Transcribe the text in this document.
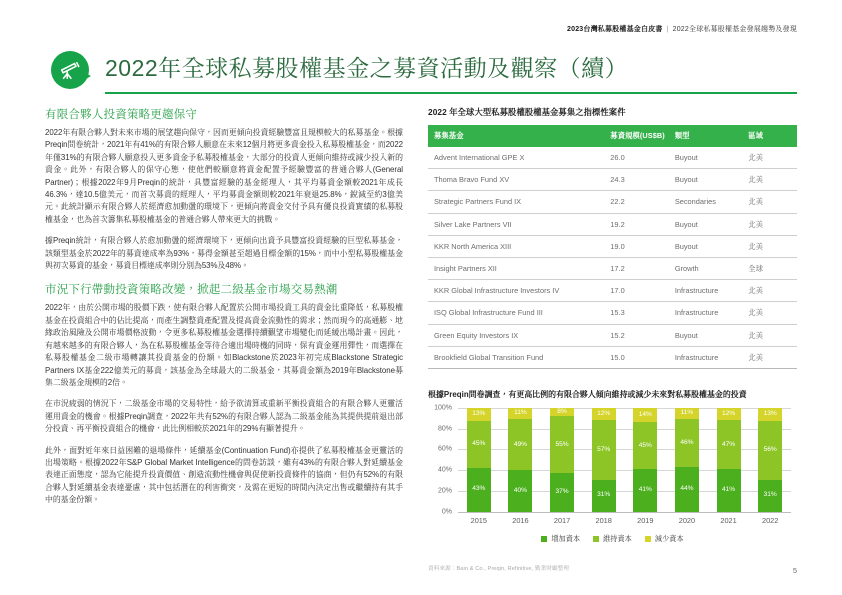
2023台灣私募股權基金白皮書 | 2022全球私募股權基金發展趨勢及發現
2022年全球私募股權基金之募資活動及觀察（續）
有限合夥人投資策略更趨保守

2022年有限合夥人對未來市場的展望趨向保守，因而更傾向投資經驗豐富且規模較大的私募基金。根據Preqin問卷統計，2021年有41%的有限合夥人願意在未來12個月將更多資金投入私募股權基金，而2022年僅31%的有限合夥人願意投入更多資金予私募股權基金，大部分的投資人更傾向維持或減少投入新的資金。此外，有限合夥人的保守心態，使他們較願意將資金配置予經驗豐富的普通合夥人(General Partner)；根據2022年9月Preqin的統計，具豐富經驗的基金經理人，其平均募資金額較2021年成長46.3%，達10.5億美元，而首次募資的經理人，平均募資金額則較2021年衰退25.8%，銳減至約3億美元。此統計顯示有限合夥人於經濟愈加動盪的環境下，更傾向將資金交付予具有優良投資實績的私募股權基金，也為首次籌集私募股權基金的普通合夥人帶來更大的挑戰。

據Preqin統計，有限合夥人於愈加動盪的經濟環境下，更傾向出資予具豐富投資經驗的巨型私募基金，該類型基金於2022年的募資達成率為93%，募得金額甚至超過目標金額的15%，而中小型私募股權基金與初次募資的基金，募資目標達成率則分別為53%及48%。

市況下行帶動投資策略改變，掀起二級基金市場交易熱潮

2022年，由於公開市場的股價下跌，使有限合夥人配置於公開市場投資工具的資金比重降低，私募股權基金在投資組合中的佔比提高，而產生調整資產配置及提高資金流動性的需求；然而現今的高通膨、地緣政治風險及公開市場價格波動，令更多私募股權基金選擇持續觀望市場變化而延緩出場計畫。因此，有越來越多的有限合夥人，為在私募股權基金等待合適出場時機的同時，保有資金運用彈性，而選擇在私募股權基金二級市場轉讓其投資基金的份額。如Blackstone於2023年初完成Blackstone Strategic Partners IX基金222億美元的募資，該基金為全球最大的二級基金，其募資金額為2019年Blackstone募集二級基金規模的2倍。

在市況疲弱的情況下，二級基金市場的交易特性，給予欲清算或重新平衡投資組合的有限合夥人更靈活運用資金的機會。根據Preqin調查，2022年共有52%的有限合夥人認為二級基金能為其提供提前退出部分投資、再平衡投資組合的機會，此比例相較於2021年的29%有顯著提升。

此外，面對近年來日益困難的退場條件，延續基金(Continuation Fund)亦提供了私募股權基金更靈活的出場策略。根據2022年S&P Global Market Intelligence的問卷訪談，雖有43%的有限合夥人對延續基金表達正面態度，認為它能提升投資價值、創造流動性機會與促使新投資條件的協商，但仍有52%的有限合夥人對延續基金表達憂慮，其中包括潛在的利害衝突，及需在更短的時間內決定出售或繼續持有其手中的基金份額。

2022 年全球大型私募股權股權基金募集之指標性案件
募集基金	募資規模(US$B)	類型	區域
Advent International GPE X	26.0	Buyout	北美
Thoma Bravo Fund XV	24.3	Buyout	北美
Strategic Partners Fund IX	22.2	Secondaries	北美
Silver Lake Partners VII	19.2	Buyout	北美
KKR North America XIII	19.0	Buyout	北美
Insight Partners XII	17.2	Growth	全球
KKR Global Infrastructure Investors IV	17.0	Infrastructure	北美
ISQ Global Infrastructure Fund III	15.3	Infrastructure	北美
Green Equity Investors IX	15.2	Buyout	北美
Brookfield Global Transition Fund	15.0	Infrastructure	北美
根據Preqin問卷調查，有更高比例的有限合夥人傾向維持或減少未來對私募股權基金的投資
0%
20%
40%
60%
80%
100%
13%
45%
43%
11%
49%
40%
8%
55%
37%
12%
57%
31%
14%
45%
41%
11%
46%
44%
12%
47%
41%
13%
56%
31%
2015	2016	2017	2018	2019	2020	2021	2022
增加資本	維持資本	減少資本
資料來源：Bain & Co., Preqin, Refinitive, 勤業財顧整理	5
